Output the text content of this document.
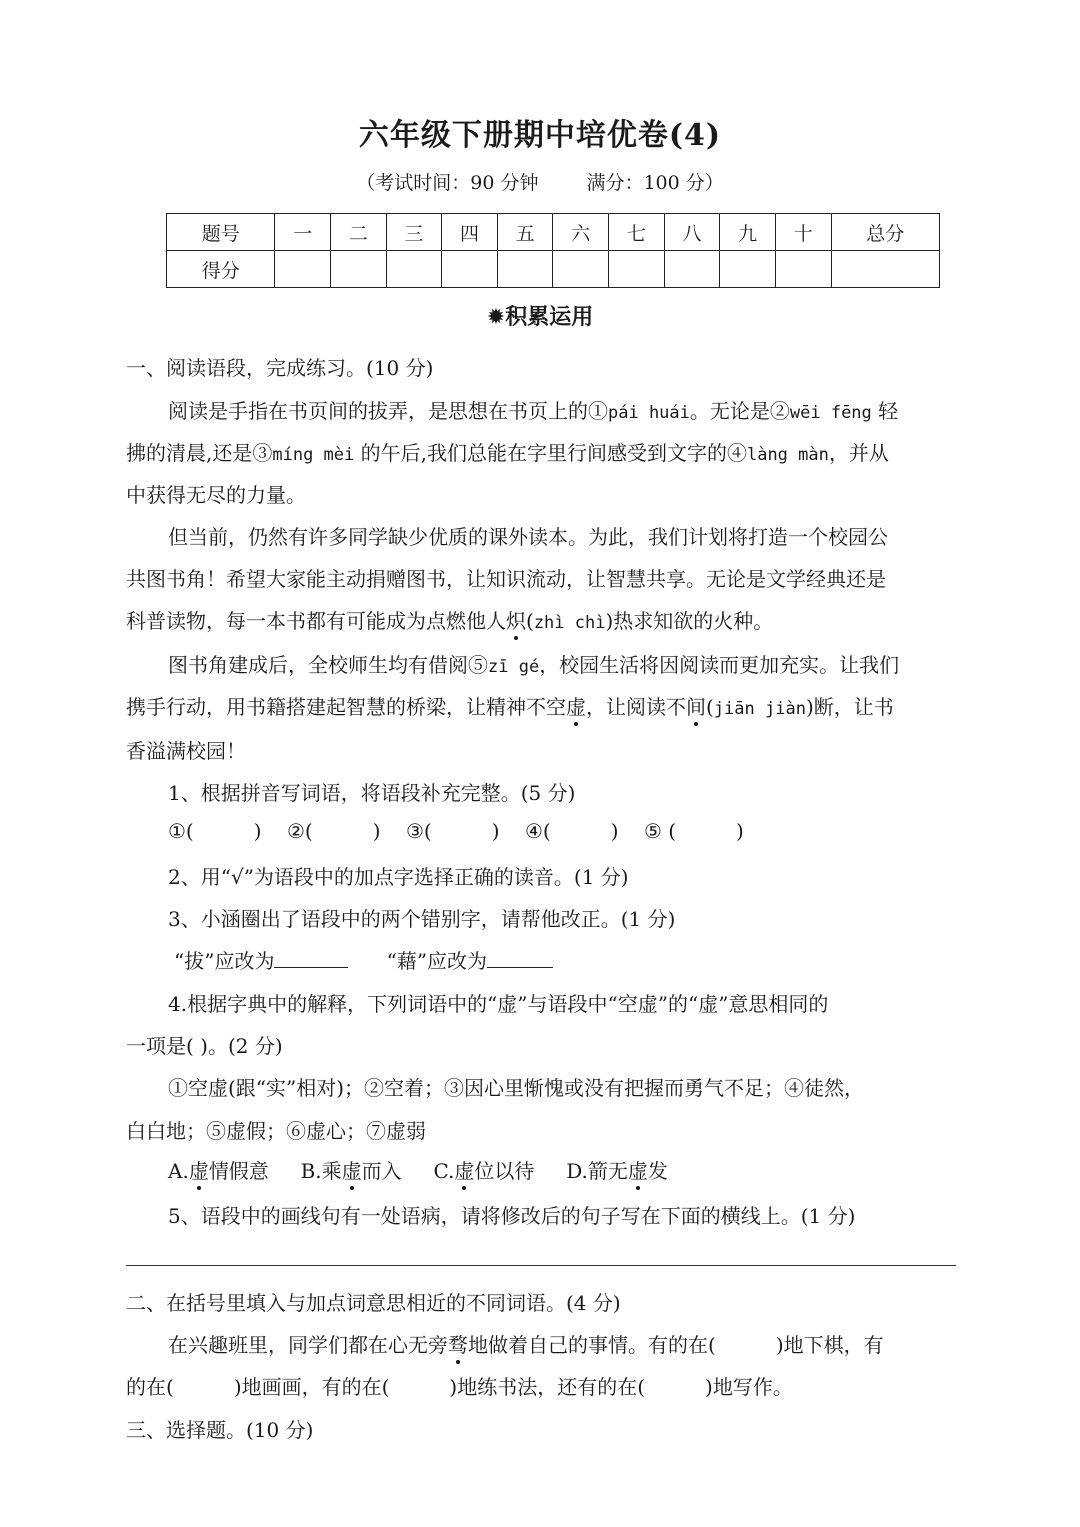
六年级下册期中培优卷(4)
（考试时间：90 分钟	满分：100 分）
题号	一	二	三	四	五	六	七	八	九	十	总分
得分											
✹积累运用
一、阅读语段，完成练习。(10 分)
阅读是手指在书页间的拔弄，是思想在书页上的①pái huái。无论是②wēi fēng 轻
拂的清晨,还是③míng mèi 的午后,我们总能在字里行间感受到文字的④làng màn，并从
中获得无尽的力量。
但当前，仍然有许多同学缺少优质的课外读本。为此，我们计划将打造一个校园公
共图书角！希望大家能主动捐赠图书，让知识流动，让智慧共享。无论是文学经典还是
科普读物，每一本书都有可能成为点燃他人炽(zhì chì)热求知欲的火种。
图书角建成后，全校师生均有借阅⑤zī gé，校园生活将因阅读而更加充实。让我们
携手行动，用书籍搭建起智慧的桥梁，让精神不空虚，让阅读不间(jiān jiàn)断，让书
香溢满校园！
1、根据拼音写词语，将语段补充完整。(5 分)
①(	) ②(	) ③(	) ④(	) ⑤ (	)
2、用“√”为语段中的加点字选择正确的读音。(1 分)
3、小涵圈出了语段中的两个错别字，请帮他改正。(1 分)
“拔”应改为	“藉”应改为
4.根据字典中的解释，下列词语中的“虚”与语段中“空虚”的“虚”意思相同的
一项是( )。(2 分)
①空虚(跟“实”相对)；②空着；③因心里惭愧或没有把握而勇气不足；④徒然，
白白地；⑤虚假；⑥虚心；⑦虚弱
A.虚情假意 B.乘虚而入 C.虚位以待 D.箭无虚发
5、语段中的画线句有一处语病，请将修改后的句子写在下面的横线上。(1 分)
二、在括号里填入与加点词意思相近的不同词语。(4 分)
在兴趣班里，同学们都在心无旁骛地做着自己的事情。有的在(	)地下棋，有
的在(	)地画画，有的在(	)地练书法，还有的在(	)地写作。
三、选择题。(10 分)
